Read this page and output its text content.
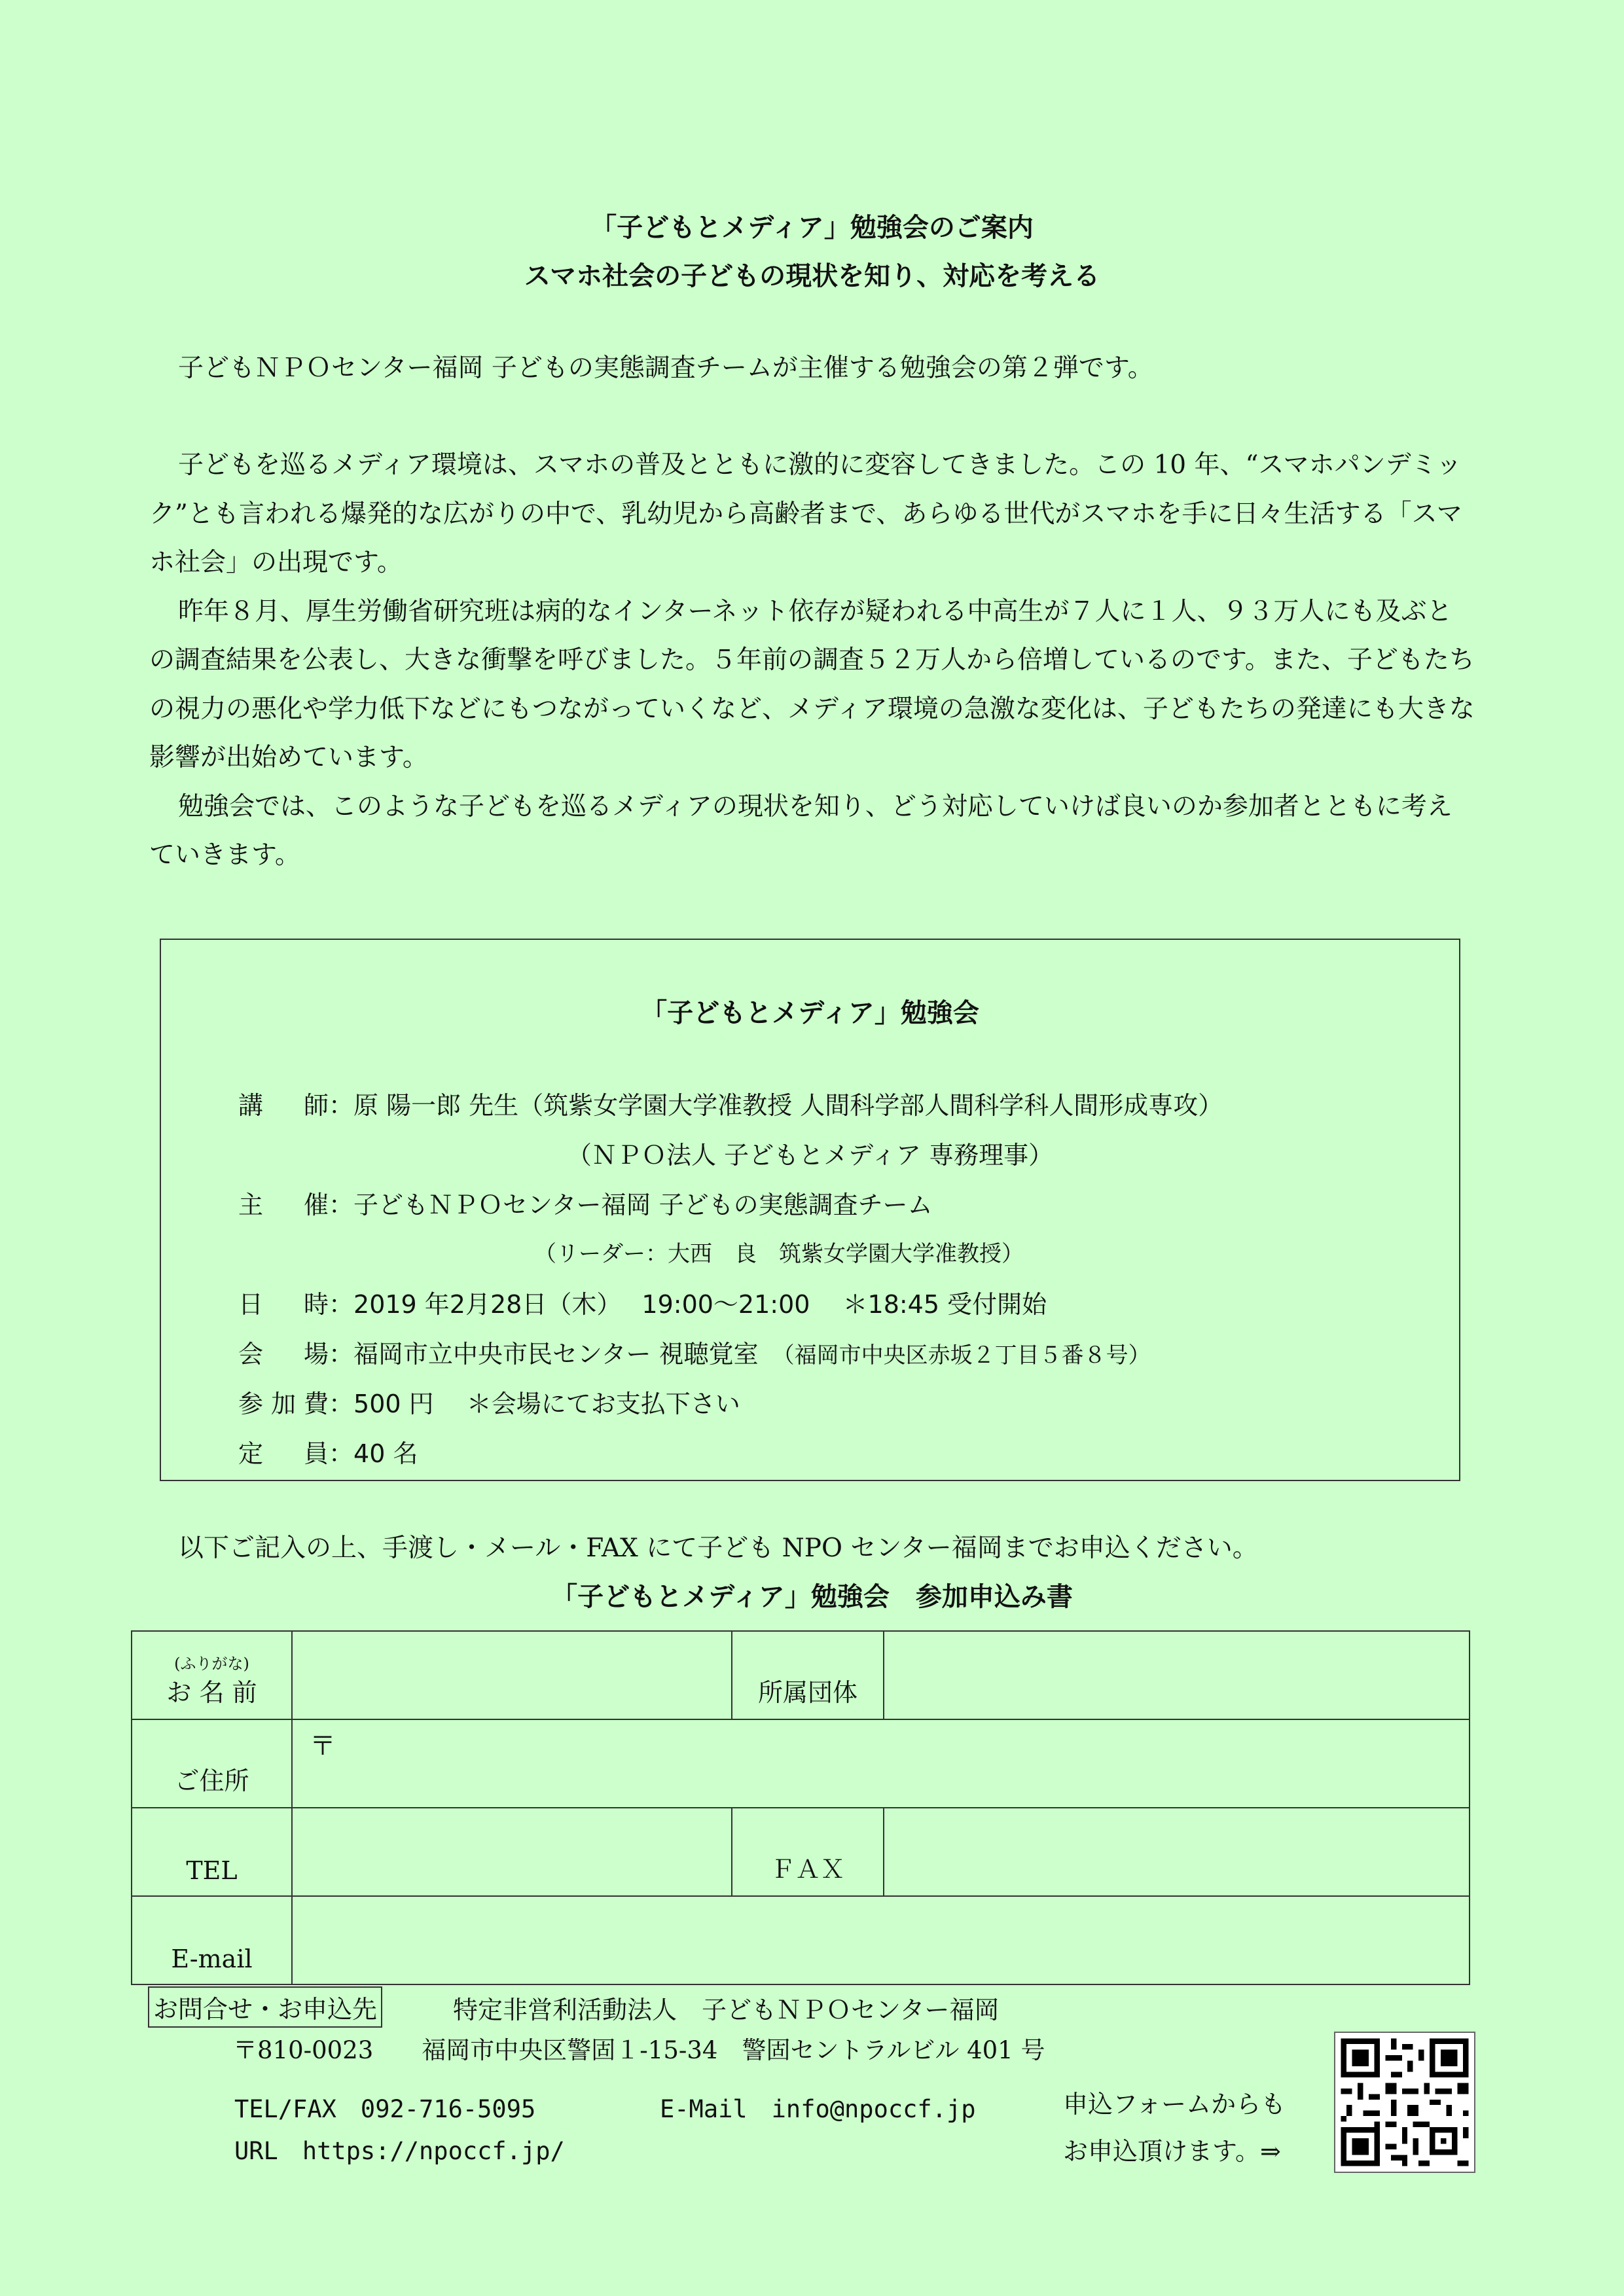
「子どもとメディア」勉強会のご案内
スマホ社会の子どもの現状を知り、対応を考える

子どもＮＰＯセンター福岡 子どもの実態調査チームが主催する勉強会の第２弾です。

子どもを巡るメディア環境は、スマホの普及とともに激的に変容してきました。この 10 年、“スマホパンデミック”とも言われる爆発的な広がりの中で、乳幼児から高齢者まで、あらゆる世代がスマホを手に日々生活する「スマホ社会」の出現です。

昨年８月、厚生労働省研究班は病的なインターネット依存が疑われる中高生が７人に１人、９３万人にも及ぶとの調査結果を公表し、大きな衝撃を呼びました。５年前の調査５２万人から倍増しているのです。また、子どもたちの視力の悪化や学力低下などにもつながっていくなど、メディア環境の急激な変化は、子どもたちの発達にも大きな影響が出始めています。

勉強会では、このような子どもを巡るメディアの現状を知り、どう対応していけば良いのか参加者とともに考えていきます。

「子どもとメディア」勉強会
講　師：原 陽一郎 先生（筑紫女学園大学准教授 人間科学部人間科学科人間形成専攻）
（ＮＰＯ法人 子どもとメディア 専務理事）
主　催：子どもＮＰＯセンター福岡 子どもの実態調査チーム
（リーダー：大西　良　筑紫女学園大学准教授）
日　時：2019 年2月28日（木）　 19:00～21:00　 ＊18:45 受付開始
会　場：福岡市立中央市民センター 視聴覚室　 （福岡市中央区赤坂２丁目５番８号）
参加費：500 円　 ＊会場にてお支払下さい
定　員：40 名
以下ご記入の上、手渡し・メール・FAX にて子ども NPO センター福岡までお申込ください。
「子どもとメディア」勉強会　参加申込み書
(ふりがな)
お 名 前		所属団体	
ご住所	〒		

TEL		ＦＡＸ	
E-mail			
お問合せ・お申込先	特定非営利活動法人　子どもＮＰＯセンター福岡
〒810-0023　　福岡市中央区警固１-15-34　警固セントラルビル 401 号
TEL/FAX　092-716-5095	E-Mail　info@npoccf.jp
URL　https://npoccf.jp/
申込フォームからも
お申込頂けます。⇒
